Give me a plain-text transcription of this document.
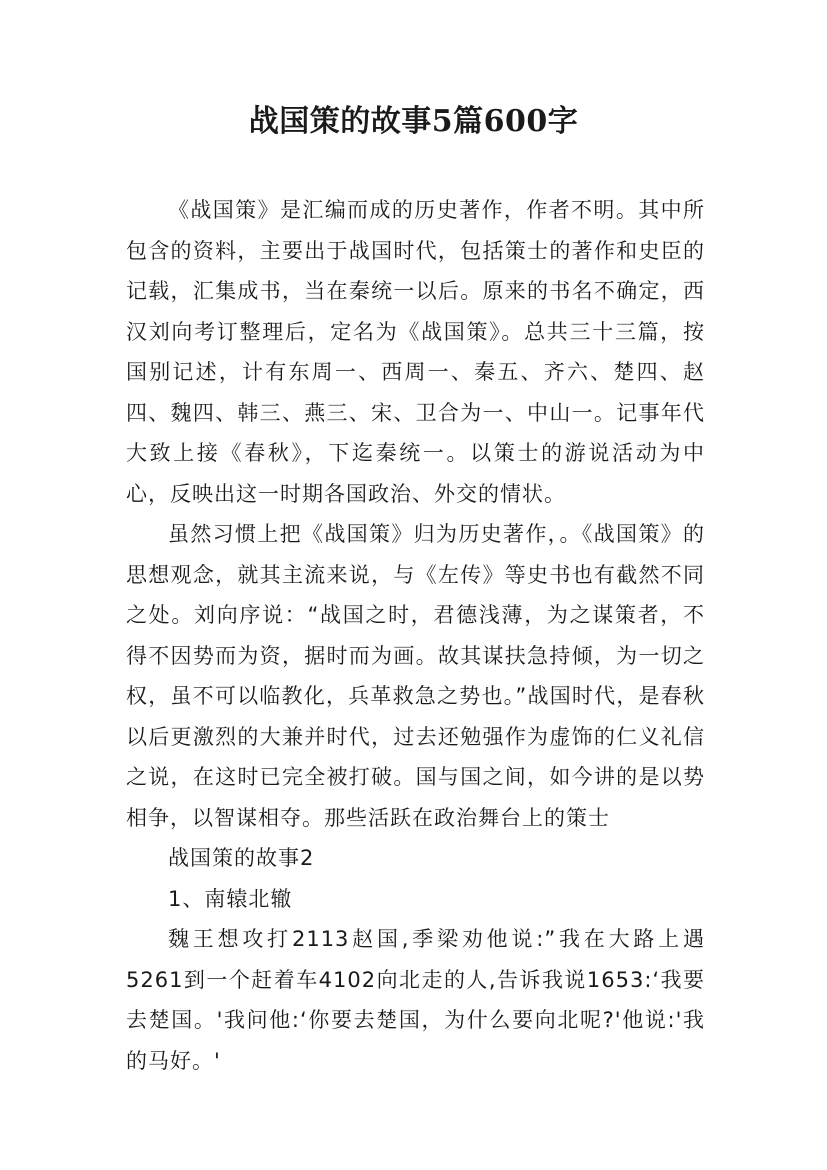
战国策的故事5篇600字

《战国策》是汇编而成的历史著作，作者不明。其中所包含的资料，主要出于战国时代，包括策士的著作和史臣的记载，汇集成书，当在秦统一以后。原来的书名不确定，西汉刘向考订整理后，定名为《战国策》。总共三十三篇，按国别记述，计有东周一、西周一、秦五、齐六、楚四、赵四、魏四、韩三、燕三、宋、卫合为一、中山一。记事年代大致上接《春秋》，下迄秦统一。以策士的游说活动为中心，反映出这一时期各国政治、外交的情状。

虽然习惯上把《战国策》归为历史著作，。《战国策》的思想观念，就其主流来说，与《左传》等史书也有截然不同之处。刘向序说：“战国之时，君德浅薄，为之谋策者，不得不因势而为资，据时而为画。故其谋扶急持倾，为一切之权，虽不可以临教化，兵革救急之势也。”战国时代，是春秋以后更激烈的大兼并时代，过去还勉强作为虚饰的仁义礼信之说，在这时已完全被打破。国与国之间，如今讲的是以势相争，以智谋相夺。那些活跃在政治舞台上的策士

战国策的故事2

1、南辕北辙

魏王想攻打2113赵国,季梁劝他说:”我在大路上遇5261到一个赶着车4102向北走的人,告诉我说1653:‘我要去楚国。'我问他:‘你要去楚国，为什么要向北呢?'他说:'我的马好。'
